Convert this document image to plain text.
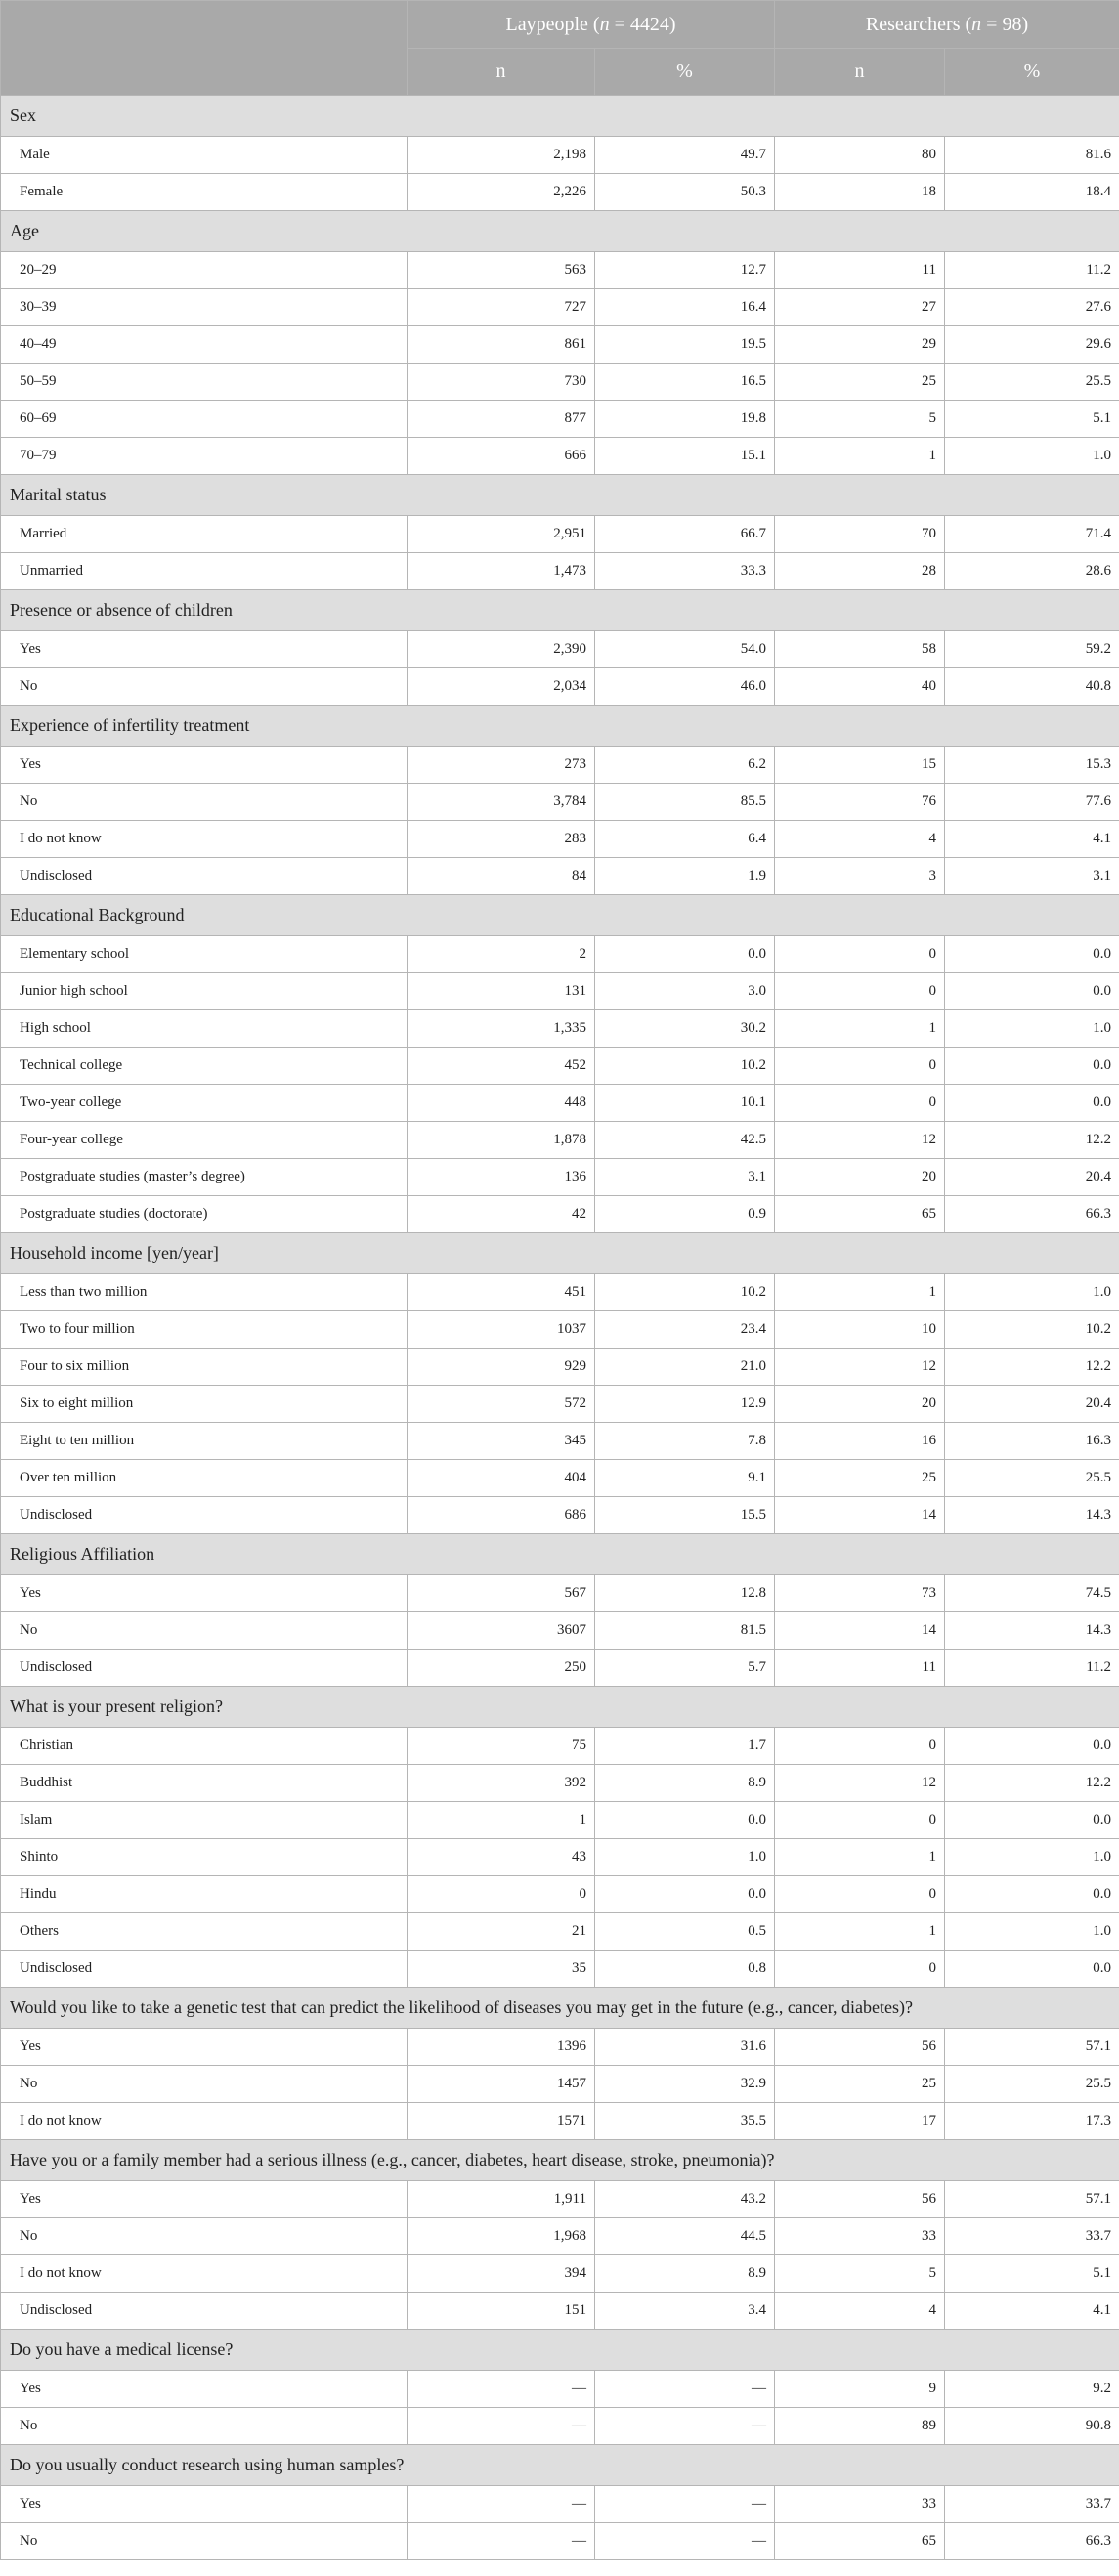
	Laypeople (n = 4424)		Researchers (n = 98)	
	n	%	n	%
Sex				
Male	2,198	49.7	80	81.6
Female	2,226	50.3	18	18.4
Age				
20–29	563	12.7	11	11.2
30–39	727	16.4	27	27.6
40–49	861	19.5	29	29.6
50–59	730	16.5	25	25.5
60–69	877	19.8	5	5.1
70–79	666	15.1	1	1.0
Marital status				
Married	2,951	66.7	70	71.4
Unmarried	1,473	33.3	28	28.6
Presence or absence of children				
Yes	2,390	54.0	58	59.2
No	2,034	46.0	40	40.8
Experience of infertility treatment				
Yes	273	6.2	15	15.3
No	3,784	85.5	76	77.6
I do not know	283	6.4	4	4.1
Undisclosed	84	1.9	3	3.1
Educational Background				
Elementary school	2	0.0	0	0.0
Junior high school	131	3.0	0	0.0
High school	1,335	30.2	1	1.0
Technical college	452	10.2	0	0.0
Two-year college	448	10.1	0	0.0
Four-year college	1,878	42.5	12	12.2
Postgraduate studies (master’s degree)	136	3.1	20	20.4
Postgraduate studies (doctorate)	42	0.9	65	66.3
Household income [yen/year]				
Less than two million	451	10.2	1	1.0
Two to four million	1037	23.4	10	10.2
Four to six million	929	21.0	12	12.2
Six to eight million	572	12.9	20	20.4
Eight to ten million	345	7.8	16	16.3
Over ten million	404	9.1	25	25.5
Undisclosed	686	15.5	14	14.3
Religious Affiliation				
Yes	567	12.8	73	74.5
No	3607	81.5	14	14.3
Undisclosed	250	5.7	11	11.2
What is your present religion?				
Christian	75	1.7	0	0.0
Buddhist	392	8.9	12	12.2
Islam	1	0.0	0	0.0
Shinto	43	1.0	1	1.0
Hindu	0	0.0	0	0.0
Others	21	0.5	1	1.0
Undisclosed	35	0.8	0	0.0
Would you like to take a genetic test that can predict the likelihood of diseases you may get in the future (e.g., cancer, diabetes)?				
Yes	1396	31.6	56	57.1
No	1457	32.9	25	25.5
I do not know	1571	35.5	17	17.3
Have you or a family member had a serious illness (e.g., cancer, diabetes, heart disease, stroke, pneumonia)?				
Yes	1,911	43.2	56	57.1
No	1,968	44.5	33	33.7
I do not know	394	8.9	5	5.1
Undisclosed	151	3.4	4	4.1
Do you have a medical license?				
Yes	—	—	9	9.2
No	—	—	89	90.8
Do you usually conduct research using human samples?				
Yes	—	—	33	33.7
No	—	—	65	66.3
